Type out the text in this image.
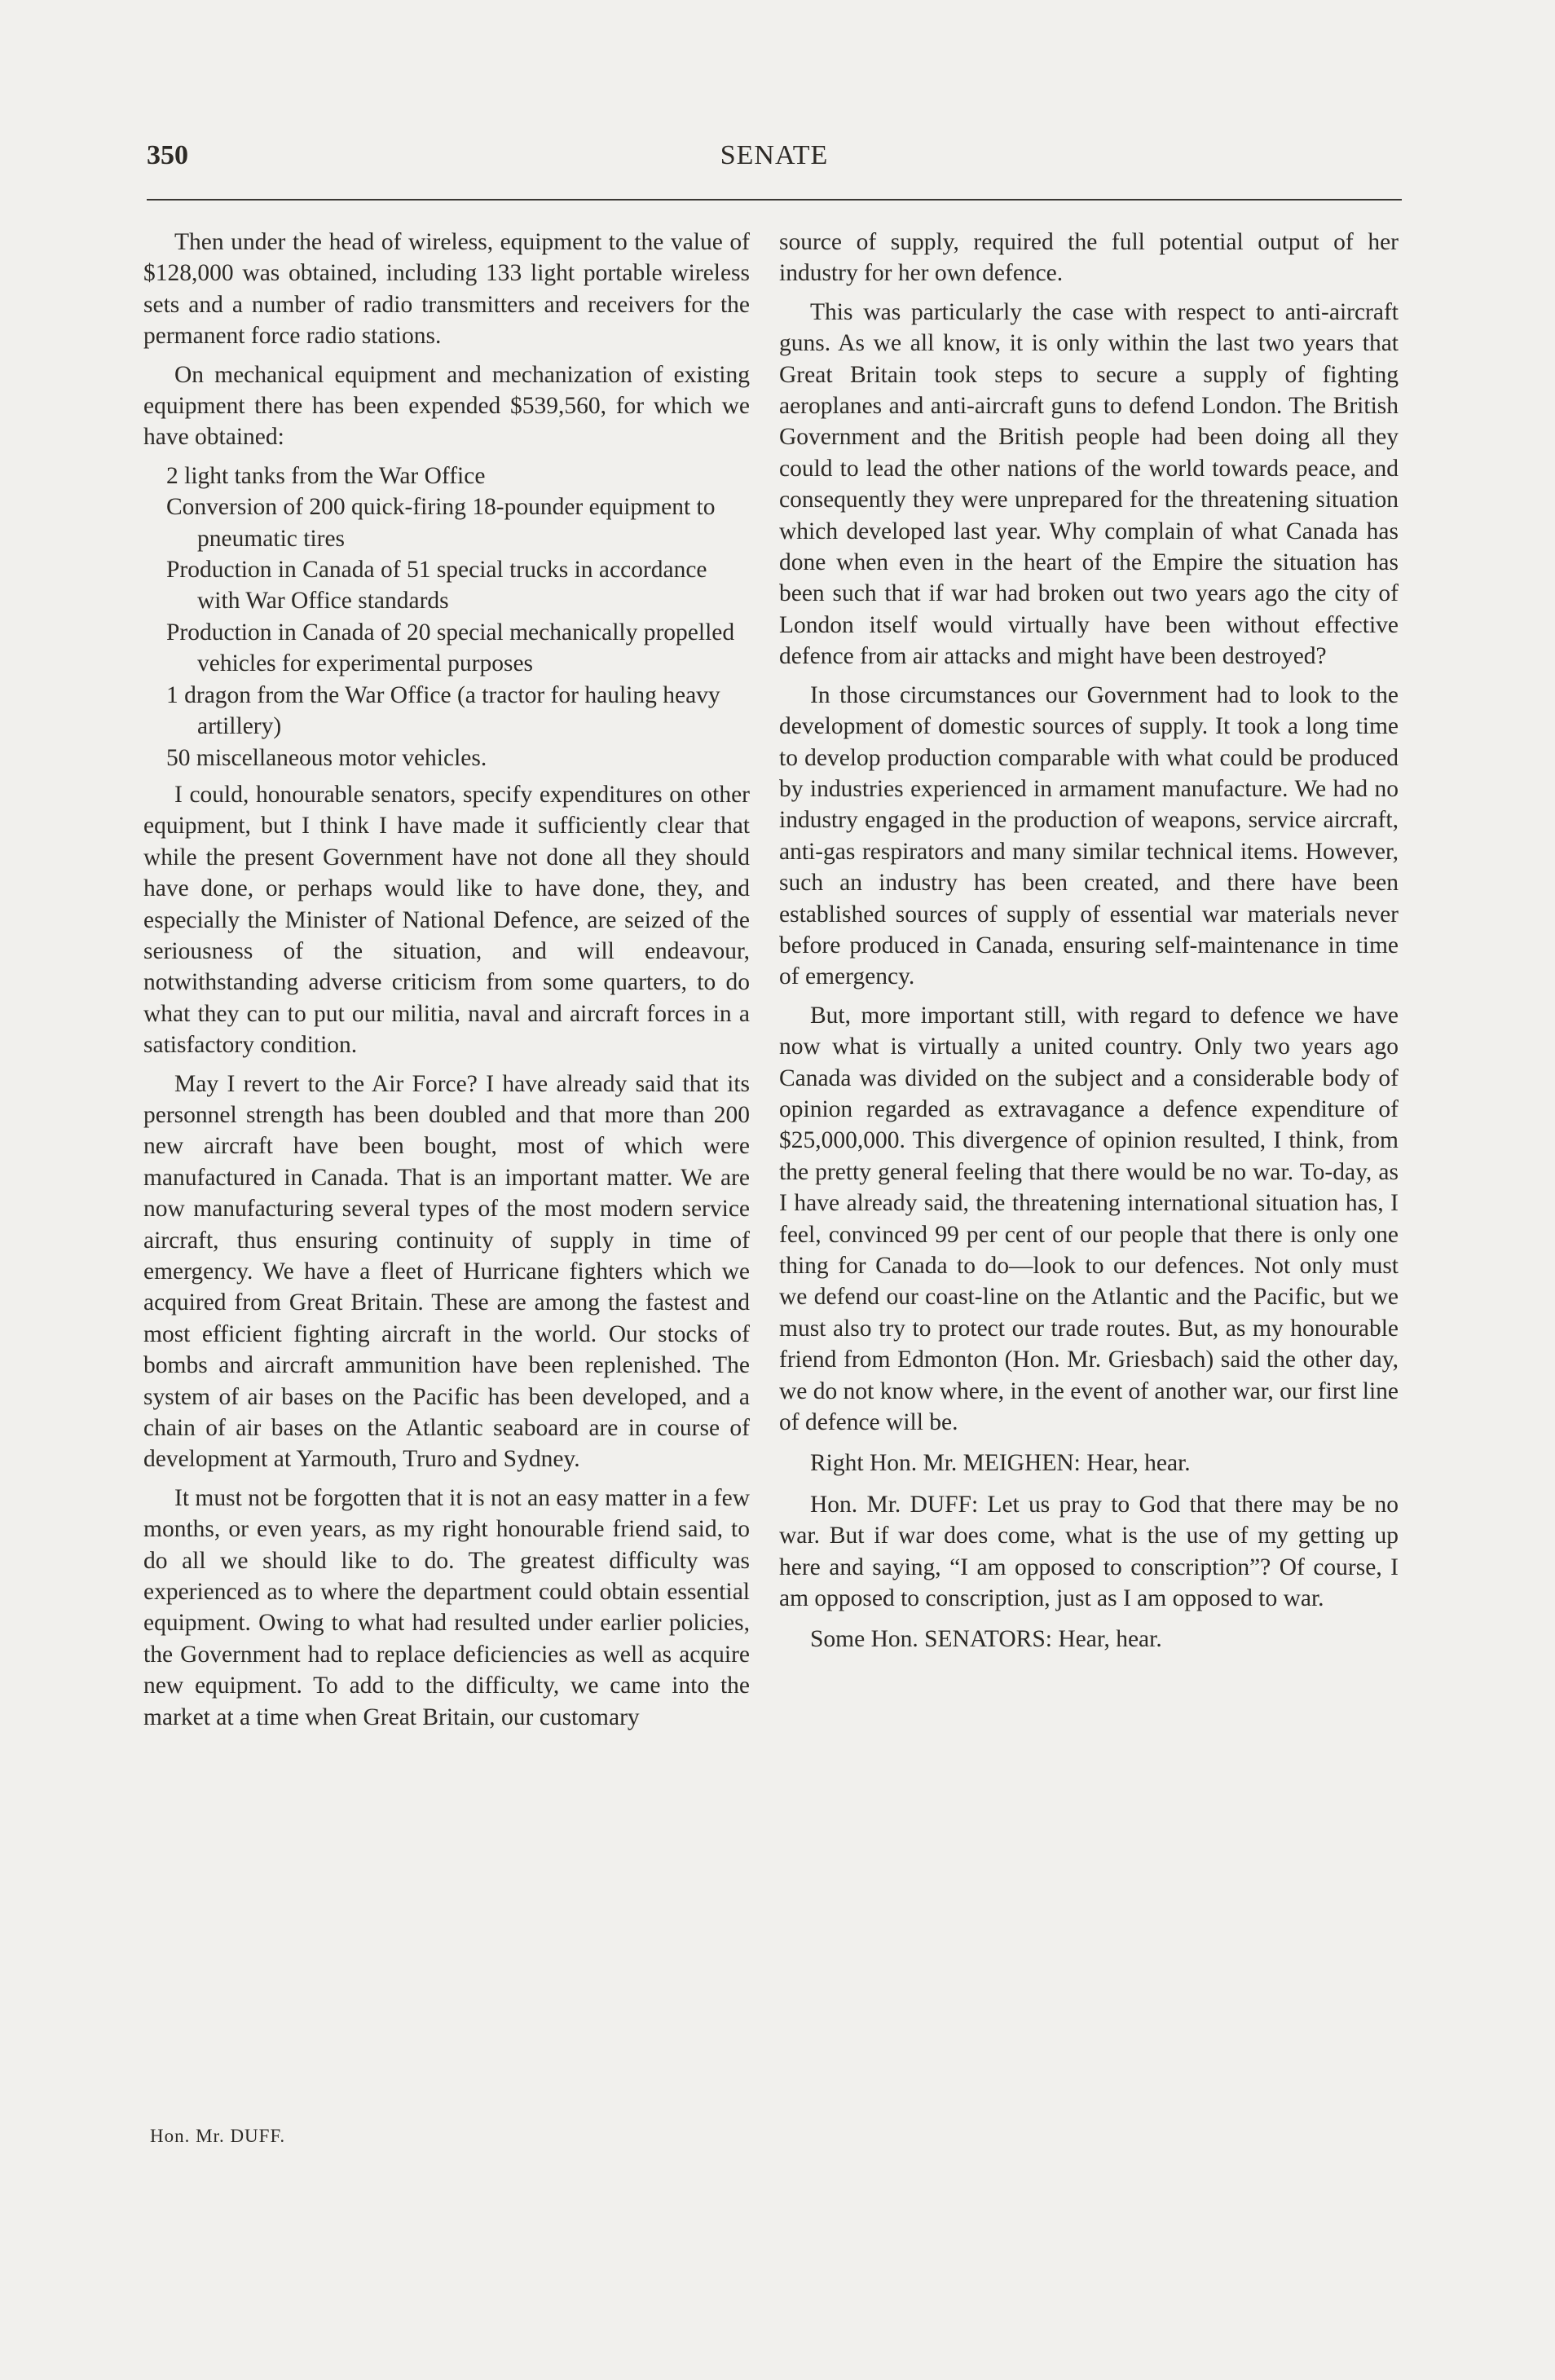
SENATE
350

Then under the head of wireless, equipment to the value of $128,000 was obtained, including 133 light portable wireless sets and a number of radio transmitters and receivers for the permanent force radio stations.

On mechanical equipment and mechanization of existing equipment there has been expended $539,560, for which we have obtained:

2 light tanks from the War Office
Conversion of 200 quick-firing 18-pounder equipment to pneumatic tires
Production in Canada of 51 special trucks in accordance with War Office standards
Production in Canada of 20 special mechanically propelled vehicles for experimental purposes
1 dragon from the War Office (a tractor for hauling heavy artillery)
50 miscellaneous motor vehicles.

I could, honourable senators, specify expenditures on other equipment, but I think I have made it sufficiently clear that while the present Government have not done all they should have done, or perhaps would like to have done, they, and especially the Minister of National Defence, are seized of the seriousness of the situation, and will endeavour, notwithstanding adverse criticism from some quarters, to do what they can to put our militia, naval and aircraft forces in a satisfactory condition.

May I revert to the Air Force? I have already said that its personnel strength has been doubled and that more than 200 new aircraft have been bought, most of which were manufactured in Canada. That is an important matter. We are now manufacturing several types of the most modern service aircraft, thus ensuring continuity of supply in time of emergency. We have a fleet of Hurricane fighters which we acquired from Great Britain. These are among the fastest and most efficient fighting aircraft in the world. Our stocks of bombs and aircraft ammunition have been replenished. The system of air bases on the Pacific has been developed, and a chain of air bases on the Atlantic seaboard are in course of development at Yarmouth, Truro and Sydney.

It must not be forgotten that it is not an easy matter in a few months, or even years, as my right honourable friend said, to do all we should like to do. The greatest difficulty was experienced as to where the department could obtain essential equipment. Owing to what had resulted under earlier policies, the Government had to replace deficiencies as well as acquire new equipment. To add to the difficulty, we came into the market at a time when Great Britain, our customary

source of supply, required the full potential output of her industry for her own defence.

This was particularly the case with respect to anti-aircraft guns. As we all know, it is only within the last two years that Great Britain took steps to secure a supply of fighting aeroplanes and anti-aircraft guns to defend London. The British Government and the British people had been doing all they could to lead the other nations of the world towards peace, and consequently they were unprepared for the threatening situation which developed last year. Why complain of what Canada has done when even in the heart of the Empire the situation has been such that if war had broken out two years ago the city of London itself would virtually have been without effective defence from air attacks and might have been destroyed?

In those circumstances our Government had to look to the development of domestic sources of supply. It took a long time to develop production comparable with what could be produced by industries experienced in armament manufacture. We had no industry engaged in the production of weapons, service aircraft, anti-gas respirators and many similar technical items. However, such an industry has been created, and there have been established sources of supply of essential war materials never before produced in Canada, ensuring self-maintenance in time of emergency.

But, more important still, with regard to defence we have now what is virtually a united country. Only two years ago Canada was divided on the subject and a considerable body of opinion regarded as extravagance a defence expenditure of $25,000,000. This divergence of opinion resulted, I think, from the pretty general feeling that there would be no war. To-day, as I have already said, the threatening international situation has, I feel, convinced 99 per cent of our people that there is only one thing for Canada to do—look to our defences. Not only must we defend our coast-line on the Atlantic and the Pacific, but we must also try to protect our trade routes. But, as my honourable friend from Edmonton (Hon. Mr. Griesbach) said the other day, we do not know where, in the event of another war, our first line of defence will be.

Right Hon. Mr. MEIGHEN: Hear, hear.

Hon. Mr. DUFF: Let us pray to God that there may be no war. But if war does come, what is the use of my getting up here and saying, “I am opposed to conscription”? Of course, I am opposed to conscription, just as I am opposed to war.

Some Hon. SENATORS: Hear, hear.

Hon. Mr. DUFF.
